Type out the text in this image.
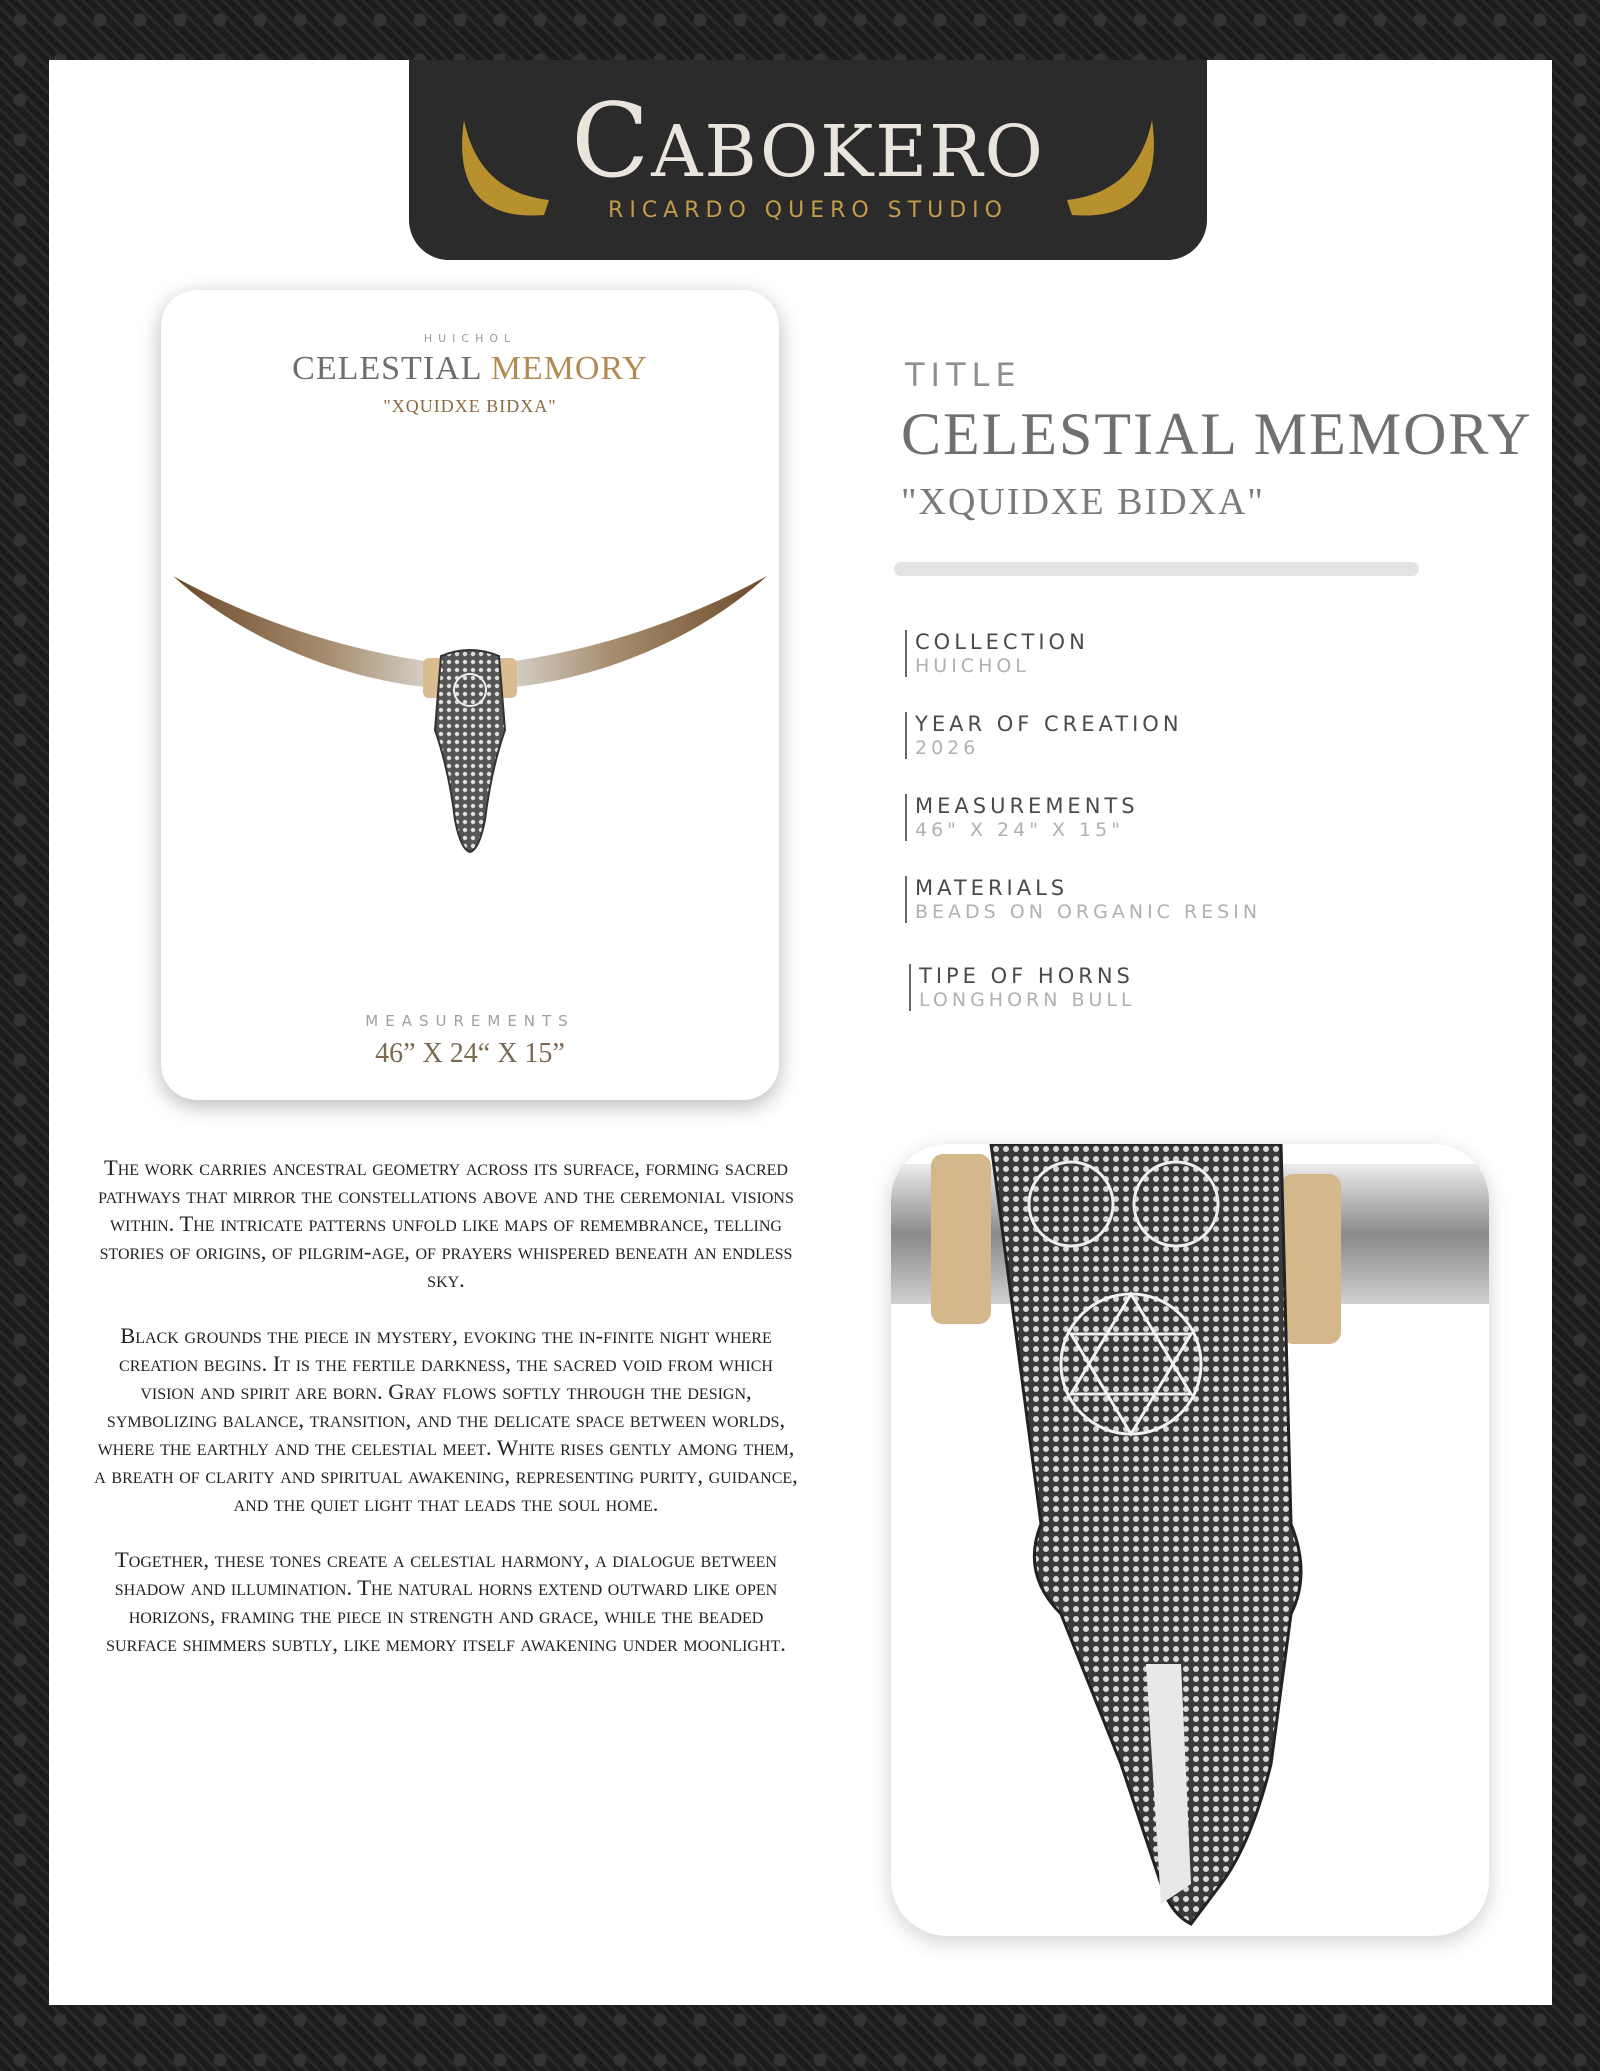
Cabokero
RICARDO QUERO STUDIO
HUICHOL
CELESTIAL MEMORY
"XQUIDXE BIDXA"
MEASUREMENTS
46” X 24“ X 15”
TITLE
CELESTIAL MEMORY
"XQUIDXE BIDXA"
COLLECTION
HUICHOL
YEAR OF CREATION
2026
MEASUREMENTS
46" X 24" X 15"
MATERIALS
BEADS ON ORGANIC RESIN
TIPE OF HORNS
LONGHORN BULL

The work carries ancestral geometry across its surface, forming sacred pathways that mirror the constellations above and the ceremonial visions within. The intricate patterns unfold like maps of remembrance, telling stories of origins, of pilgrim-age, of prayers whispered beneath an endless sky.

Black grounds the piece in mystery, evoking the in-finite night where creation begins. It is the fertile darkness, the sacred void from which vision and spirit are born. Gray flows softly through the design, symbolizing balance, transition, and the delicate space between worlds, where the earthly and the celestial meet. White rises gently among them, a breath of clarity and spiritual awakening, representing purity, guidance, and the quiet light that leads the soul home.

Together, these tones create a celestial harmony, a dialogue between shadow and illumination. The natural horns extend outward like open horizons, framing the piece in strength and grace, while the beaded surface shimmers subtly, like memory itself awakening under moonlight.
